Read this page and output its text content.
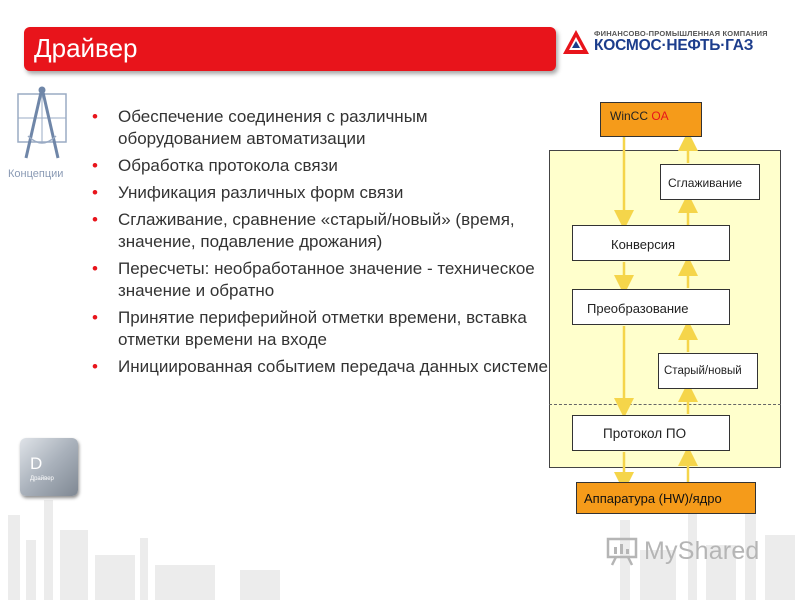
Драйвер	ФИНАНСОВО-ПРОМЫШЛЕННАЯ КОМПАНИЯ
КОСМОС·НЕФТЬ·ГАЗ
Концепции
• Обеспечение соединения с различным оборудованием автоматизации
• Обработка протокола связи
• Унификация различных форм связи
• Сглаживание, сравнение «старый/новый» (время, значение, подавление дрожания)
• Пересчеты: необработанное значение - техническое значение и обратно
• Принятие периферийной отметки времени, вставка отметки времени на входе
• Инициированная событием передача данных системе
D
Драйвер
WinCC OA
Сглаживание
Конверсия
Преобразование
Старый/новый
Протокол ПО
Аппаратура (HW)/ядро
MyShared
